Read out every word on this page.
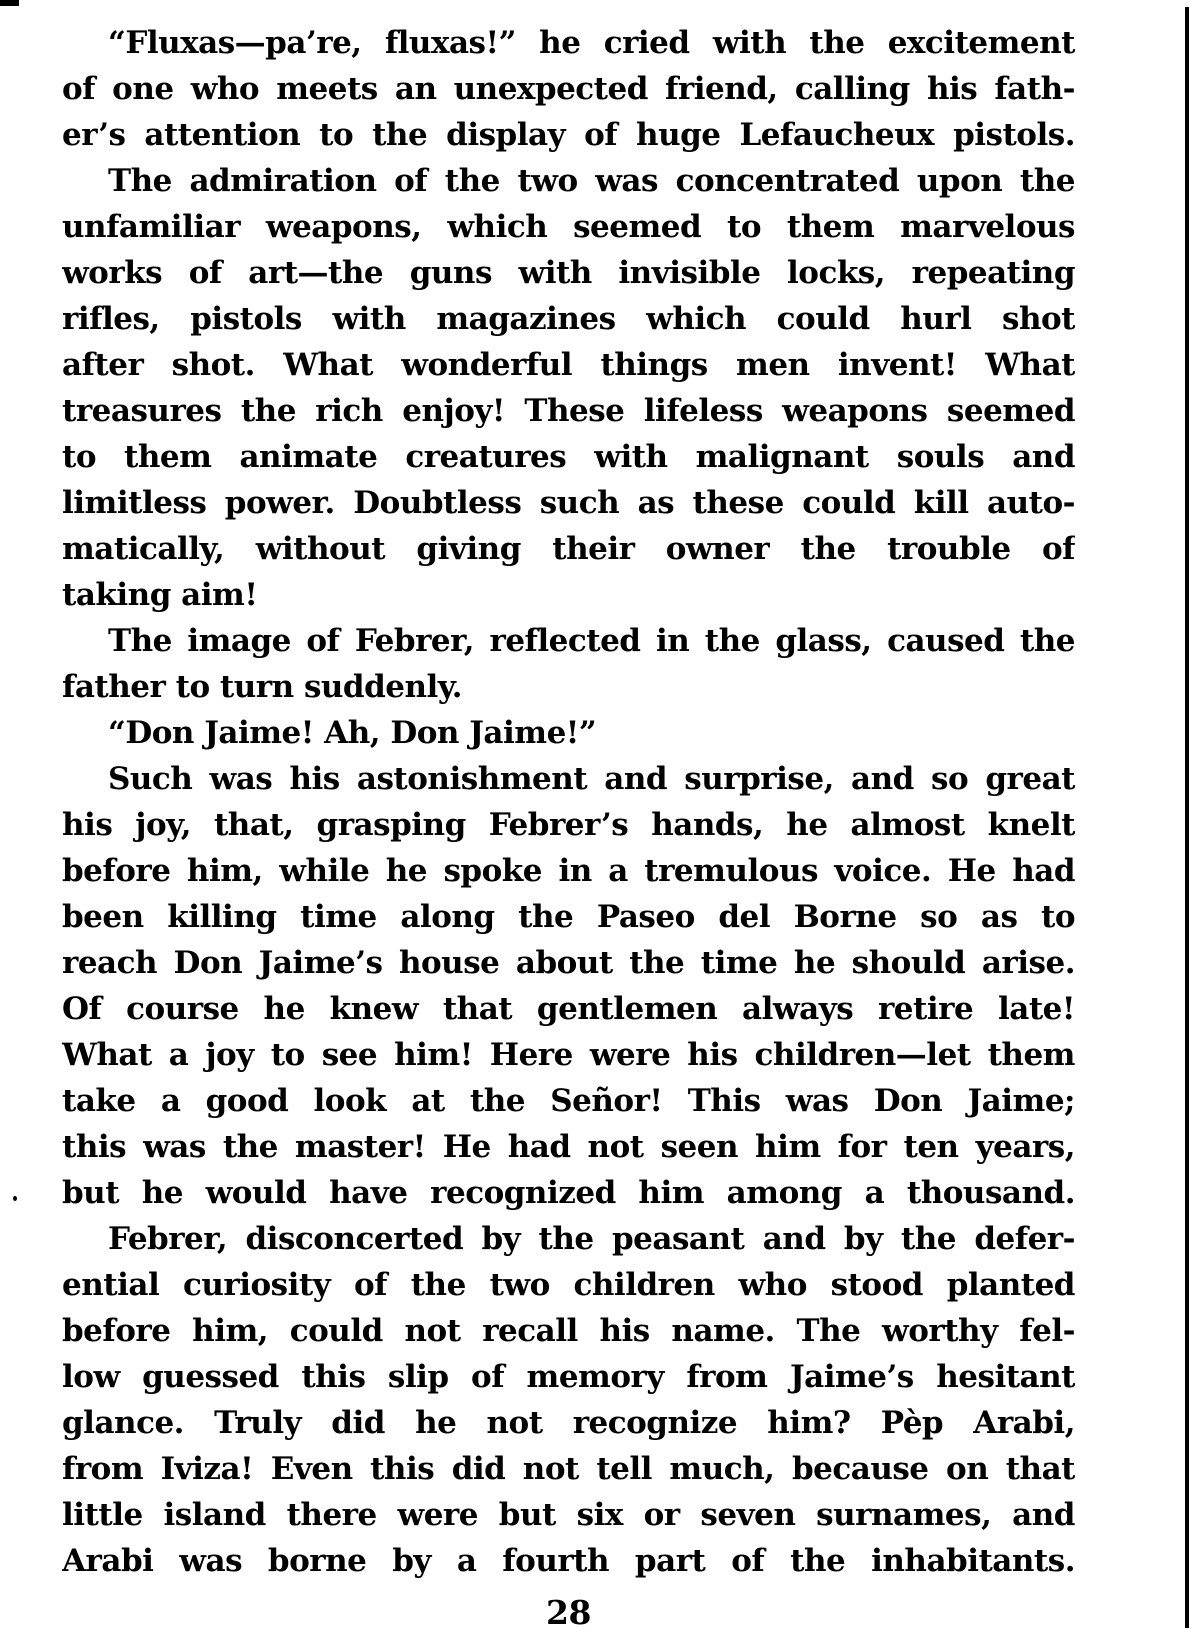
“Fluxas—pa’re, fluxas!” he cried with the excitement
of one who meets an unexpected friend, calling his fath-
er’s attention to the display of huge Lefaucheux pistols.
The admiration of the two was concentrated upon the
unfamiliar weapons, which seemed to them marvelous
works of art—the guns with invisible locks, repeating
rifles, pistols with magazines which could hurl shot
after shot. What wonderful things men invent! What
treasures the rich enjoy! These lifeless weapons seemed
to them animate creatures with malignant souls and
limitless power. Doubtless such as these could kill auto-
matically, without giving their owner the trouble of
taking aim!
The image of Febrer, reflected in the glass, caused the
father to turn suddenly.
“Don Jaime! Ah, Don Jaime!”
Such was his astonishment and surprise, and so great
his joy, that, grasping Febrer’s hands, he almost knelt
before him, while he spoke in a tremulous voice. He had
been killing time along the Paseo del Borne so as to
reach Don Jaime’s house about the time he should arise.
Of course he knew that gentlemen always retire late!
What a joy to see him! Here were his children—let them
take a good look at the Señor! This was Don Jaime;
this was the master! He had not seen him for ten years,
but he would have recognized him among a thousand.
Febrer, disconcerted by the peasant and by the defer-
ential curiosity of the two children who stood planted
before him, could not recall his name. The worthy fel-
low guessed this slip of memory from Jaime’s hesitant
glance. Truly did he not recognize him? Pèp Arabi,
from Iviza! Even this did not tell much, because on that
little island there were but six or seven surnames, and
Arabi was borne by a fourth part of the inhabitants.
28
